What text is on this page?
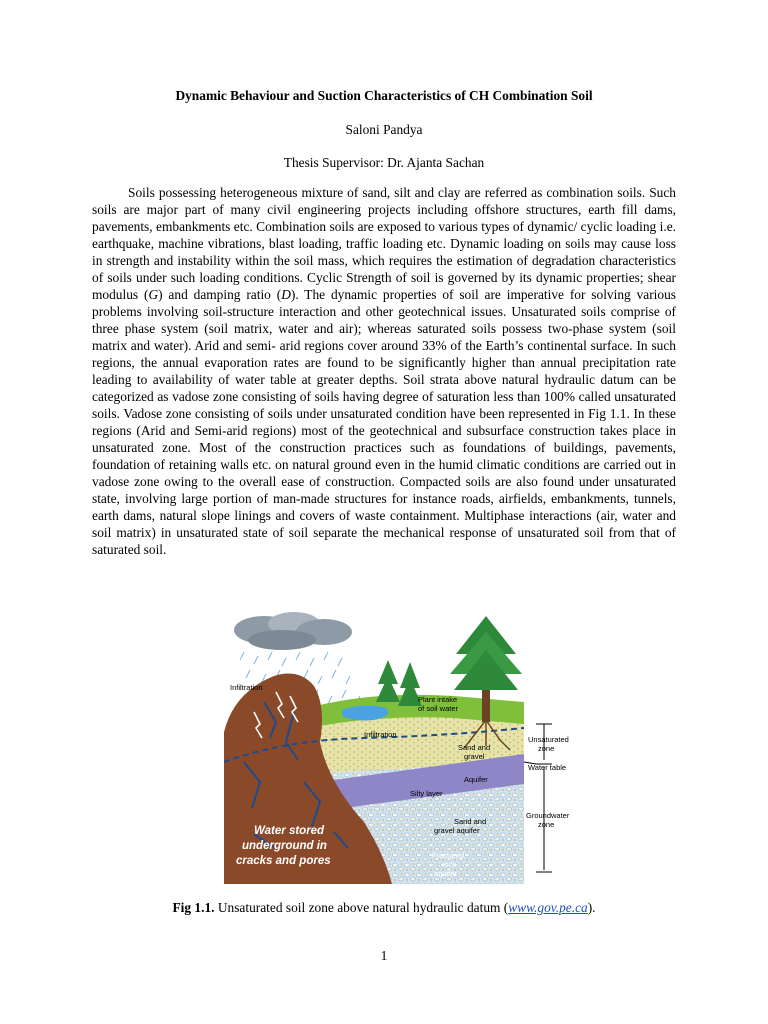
Dynamic Behaviour and Suction Characteristics of CH Combination Soil
Saloni Pandya
Thesis Supervisor: Dr. Ajanta Sachan

Soils possessing heterogeneous mixture of sand, silt and clay are referred as combination soils. Such soils are major part of many civil engineering projects including offshore structures, earth fill dams, pavements, embankments etc. Combination soils are exposed to various types of dynamic/ cyclic loading i.e. earthquake, machine vibrations, blast loading, traffic loading etc. Dynamic loading on soils may cause loss in strength and instability within the soil mass, which requires the estimation of degradation characteristics of soils under such loading conditions. Cyclic Strength of soil is governed by its dynamic properties; shear modulus (G) and damping ratio (D). The dynamic properties of soil are imperative for solving various problems involving soil-structure interaction and other geotechnical issues. Unsaturated soils comprise of three phase system (soil matrix, water and air); whereas saturated soils possess two-phase system (soil matrix and water). Arid and semi- arid regions cover around 33% of the Earth’s continental surface. In such regions, the annual evaporation rates are found to be significantly higher than annual precipitation rate leading to availability of water table at greater depths. Soil strata above natural hydraulic datum can be categorized as vadose zone consisting of soils having degree of saturation less than 100% called unsaturated soils. Vadose zone consisting of soils under unsaturated condition have been represented in Fig 1.1. In these regions (Arid and Semi-arid regions) most of the geotechnical and subsurface construction takes place in unsaturated zone. Most of the construction practices such as foundations of buildings, pavements, foundation of retaining walls etc. on natural ground even in the humid climatic conditions are carried out in vadose zone owing to the overall ease of construction. Compacted soils are also found under unsaturated state, involving large portion of man-made structures for instance roads, airfields, embankments, tunnels, earth dams, natural slope linings and covers of waste containment. Multiphase interactions (air, water and soil matrix) in unsaturated state of soil separate the mechanical response of unsaturated soil from that of saturated soil.

Infiltration
Plant intake
of soil water
Infiltration
Sand and
gravel
Unsaturated
zone
Water table
Aquifer
Silty layer
Sand and
gravel aquifer
Groundwater
zone
Fractured
rock
aquifer
Water stored
underground in
cracks and pores
Fig 1.1. Unsaturated soil zone above natural hydraulic datum (www.gov.pe.ca).
1
